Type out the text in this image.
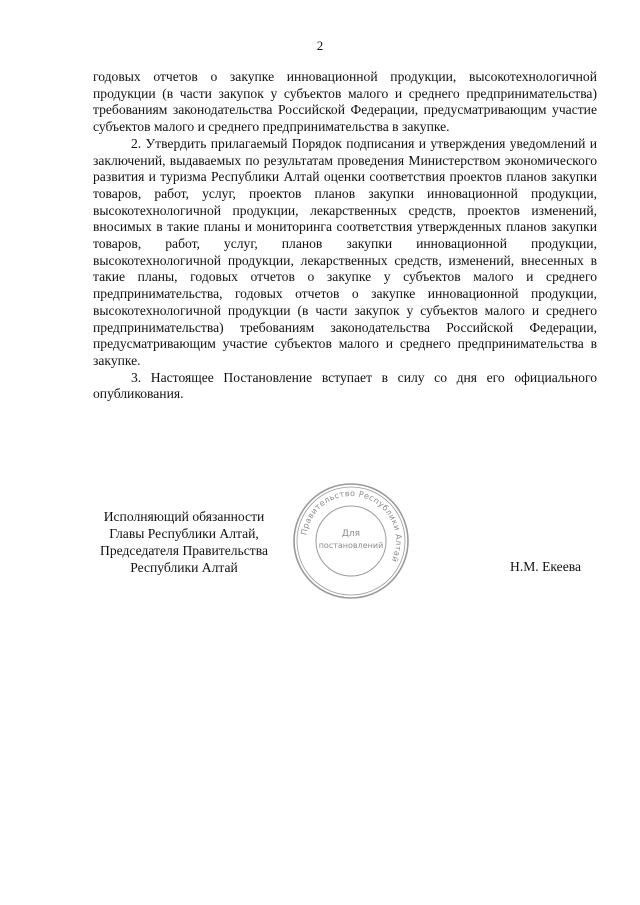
2

годовых отчетов о закупке инновационной продукции, высокотехнологичной продукции (в части закупок у субъектов малого и среднего предпринимательства) требованиям законодательства Российской Федерации, предусматривающим участие субъектов малого и среднего предпринимательства в закупке.

2. Утвердить прилагаемый Порядок подписания и утверждения уведомлений и заключений, выдаваемых по результатам проведения Министерством экономического развития и туризма Республики Алтай оценки соответствия проектов планов закупки товаров, работ, услуг, проектов планов закупки инновационной продукции, высокотехнологичной продукции, лекарственных средств, проектов изменений, вносимых в такие планы и мониторинга соответствия утвержденных планов закупки товаров, работ, услуг, планов закупки инновационной продукции, высокотехнологичной продукции, лекарственных средств, изменений, внесенных в такие планы, годовых отчетов о закупке у субъектов малого и среднего предпринимательства, годовых отчетов о закупке инновационной продукции, высокотехнологичной продукции (в части закупок у субъектов малого и среднего предпринимательства) требованиям законодательства Российской Федерации, предусматривающим участие субъектов малого и среднего предпринимательства в закупке.

3. Настоящее Постановление вступает в силу со дня его официального опубликования.

Исполняющий обязанности
Главы Республики Алтай,
Председателя Правительства
Республики Алтай
Правительство Республики Алтай
Для
постановлений
Н.М. Екеева
